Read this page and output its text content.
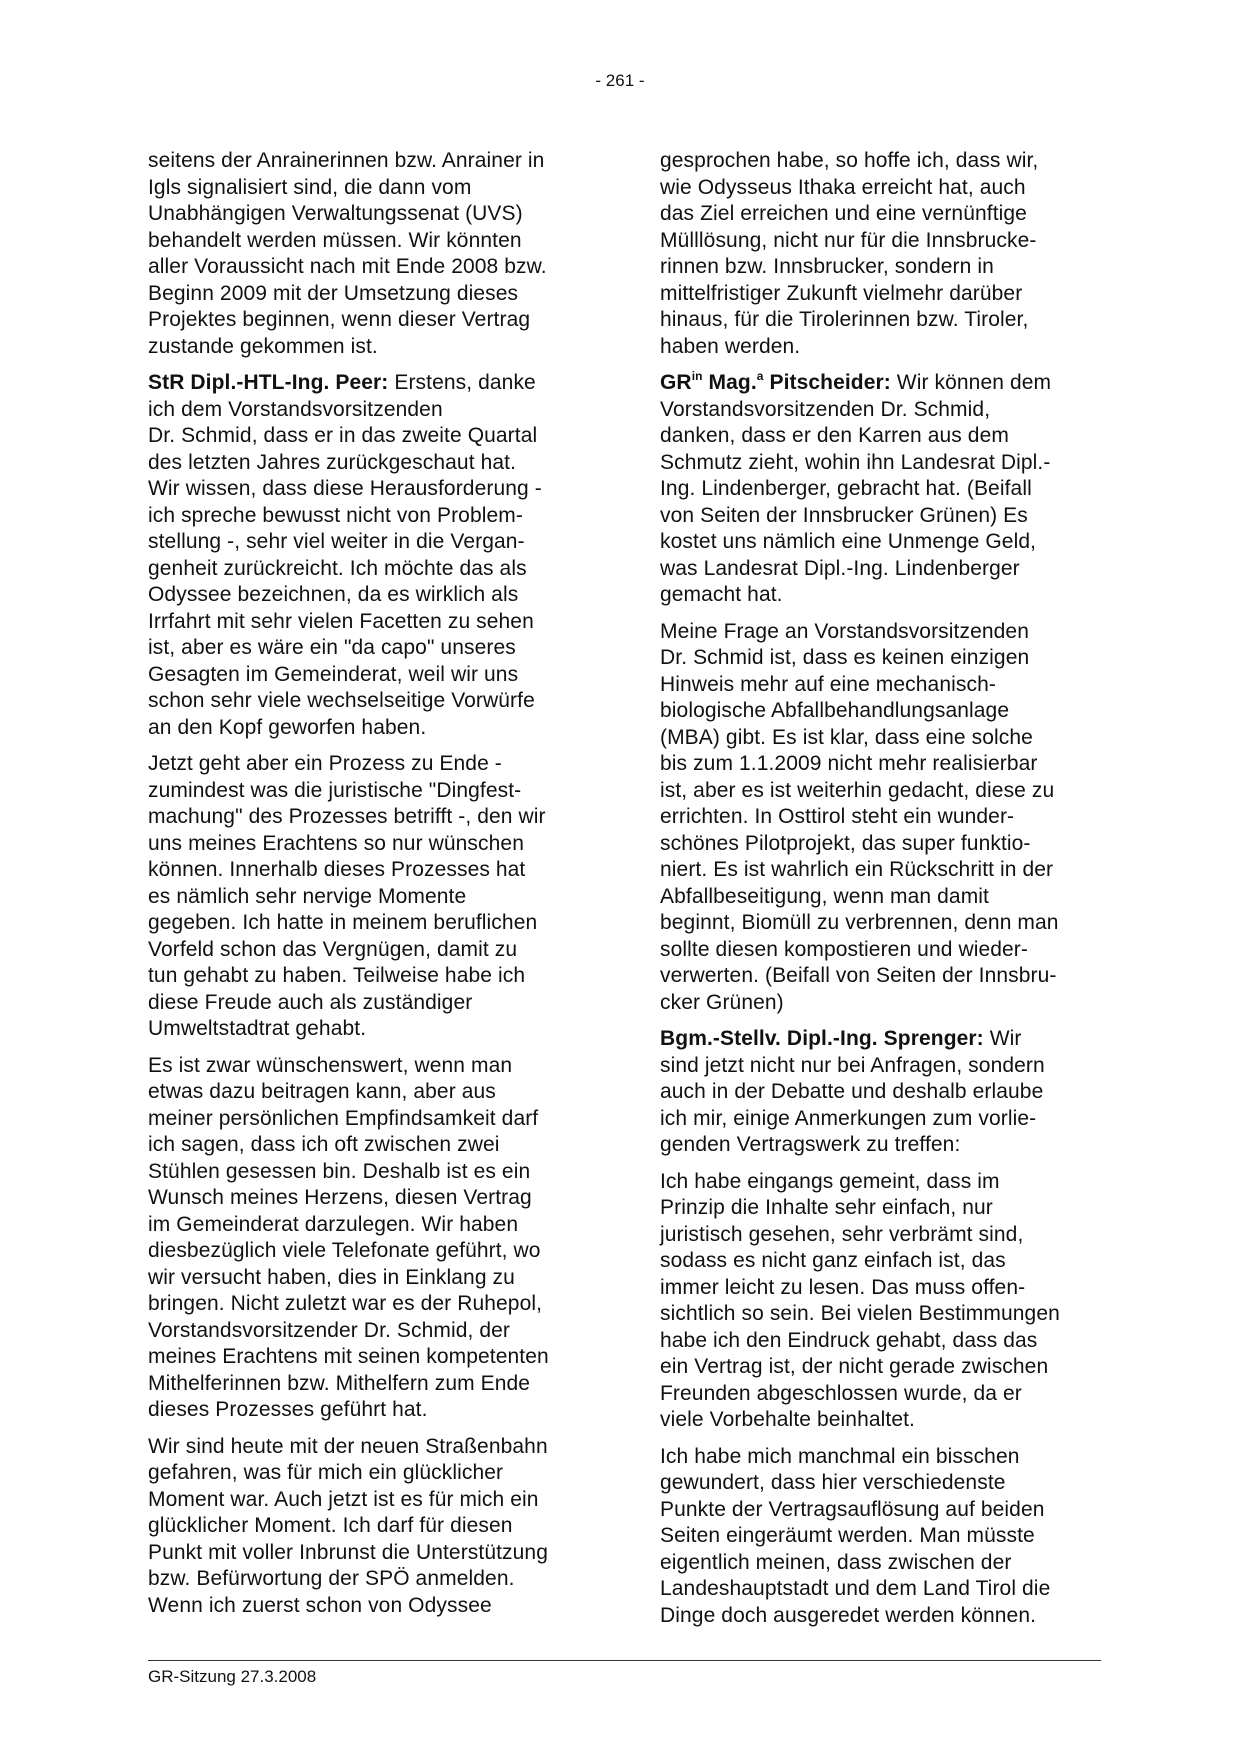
- 261 -

seitens der Anrainerinnen bzw. Anrainer in
Igls signalisiert sind, die dann vom
Unabhängigen Verwaltungssenat (UVS)
behandelt werden müssen. Wir könnten
aller Voraussicht nach mit Ende 2008 bzw.
Beginn 2009 mit der Umsetzung dieses
Projektes beginnen, wenn dieser Vertrag
zustande gekommen ist.

StR Dipl.-HTL-Ing. Peer: Erstens, danke
ich dem Vorstandsvorsitzenden
Dr. Schmid, dass er in das zweite Quartal
des letzten Jahres zurückgeschaut hat.
Wir wissen, dass diese Herausforderung -
ich spreche bewusst nicht von Problem-
stellung -, sehr viel weiter in die Vergan-
genheit zurückreicht. Ich möchte das als
Odyssee bezeichnen, da es wirklich als
Irrfahrt mit sehr vielen Facetten zu sehen
ist, aber es wäre ein "da capo" unseres
Gesagten im Gemeinderat, weil wir uns
schon sehr viele wechselseitige Vorwürfe
an den Kopf geworfen haben.

Jetzt geht aber ein Prozess zu Ende -
zumindest was die juristische "Dingfest-
machung" des Prozesses betrifft -, den wir
uns meines Erachtens so nur wünschen
können. Innerhalb dieses Prozesses hat
es nämlich sehr nervige Momente
gegeben. Ich hatte in meinem beruflichen
Vorfeld schon das Vergnügen, damit zu
tun gehabt zu haben. Teilweise habe ich
diese Freude auch als zuständiger
Umweltstadtrat gehabt.

Es ist zwar wünschenswert, wenn man
etwas dazu beitragen kann, aber aus
meiner persönlichen Empfindsamkeit darf
ich sagen, dass ich oft zwischen zwei
Stühlen gesessen bin. Deshalb ist es ein
Wunsch meines Herzens, diesen Vertrag
im Gemeinderat darzulegen. Wir haben
diesbezüglich viele Telefonate geführt, wo
wir versucht haben, dies in Einklang zu
bringen. Nicht zuletzt war es der Ruhepol,
Vorstandsvorsitzender Dr. Schmid, der
meines Erachtens mit seinen kompetenten
Mithelferinnen bzw. Mithelfern zum Ende
dieses Prozesses geführt hat.

Wir sind heute mit der neuen Straßenbahn
gefahren, was für mich ein glücklicher
Moment war. Auch jetzt ist es für mich ein
glücklicher Moment. Ich darf für diesen
Punkt mit voller Inbrunst die Unterstützung
bzw. Befürwortung der SPÖ anmelden.
Wenn ich zuerst schon von Odyssee

gesprochen habe, so hoffe ich, dass wir,
wie Odysseus Ithaka erreicht hat, auch
das Ziel erreichen und eine vernünftige
Mülllösung, nicht nur für die Innsbrucke-
rinnen bzw. Innsbrucker, sondern in
mittelfristiger Zukunft vielmehr darüber
hinaus, für die Tirolerinnen bzw. Tiroler,
haben werden.

$GR^{in}$ Mag.$^a$ Pitscheider: Wir können dem
Vorstandsvorsitzenden Dr. Schmid,
danken, dass er den Karren aus dem
Schmutz zieht, wohin ihn Landesrat Dipl.-
Ing. Lindenberger, gebracht hat. (Beifall
von Seiten der Innsbrucker Grünen) Es
kostet uns nämlich eine Unmenge Geld,
was Landesrat Dipl.-Ing. Lindenberger
gemacht hat.

Meine Frage an Vorstandsvorsitzenden
Dr. Schmid ist, dass es keinen einzigen
Hinweis mehr auf eine mechanisch-
biologische Abfallbehandlungsanlage
(MBA) gibt. Es ist klar, dass eine solche
bis zum 1.1.2009 nicht mehr realisierbar
ist, aber es ist weiterhin gedacht, diese zu
errichten. In Osttirol steht ein wunder-
schönes Pilotprojekt, das super funktio-
niert. Es ist wahrlich ein Rückschritt in der
Abfallbeseitigung, wenn man damit
beginnt, Biomüll zu verbrennen, denn man
sollte diesen kompostieren und wieder-
verwerten. (Beifall von Seiten der Innsbru-
cker Grünen)

Bgm.-Stellv. Dipl.-Ing. Sprenger: Wir
sind jetzt nicht nur bei Anfragen, sondern
auch in der Debatte und deshalb erlaube
ich mir, einige Anmerkungen zum vorlie-
genden Vertragswerk zu treffen:

Ich habe eingangs gemeint, dass im
Prinzip die Inhalte sehr einfach, nur
juristisch gesehen, sehr verbrämt sind,
sodass es nicht ganz einfach ist, das
immer leicht zu lesen. Das muss offen-
sichtlich so sein. Bei vielen Bestimmungen
habe ich den Eindruck gehabt, dass das
ein Vertrag ist, der nicht gerade zwischen
Freunden abgeschlossen wurde, da er
viele Vorbehalte beinhaltet.

Ich habe mich manchmal ein bisschen
gewundert, dass hier verschiedenste
Punkte der Vertragsauflösung auf beiden
Seiten eingeräumt werden. Man müsste
eigentlich meinen, dass zwischen der
Landeshauptstadt und dem Land Tirol die
Dinge doch ausgeredet werden können.

GR-Sitzung 27.3.2008
